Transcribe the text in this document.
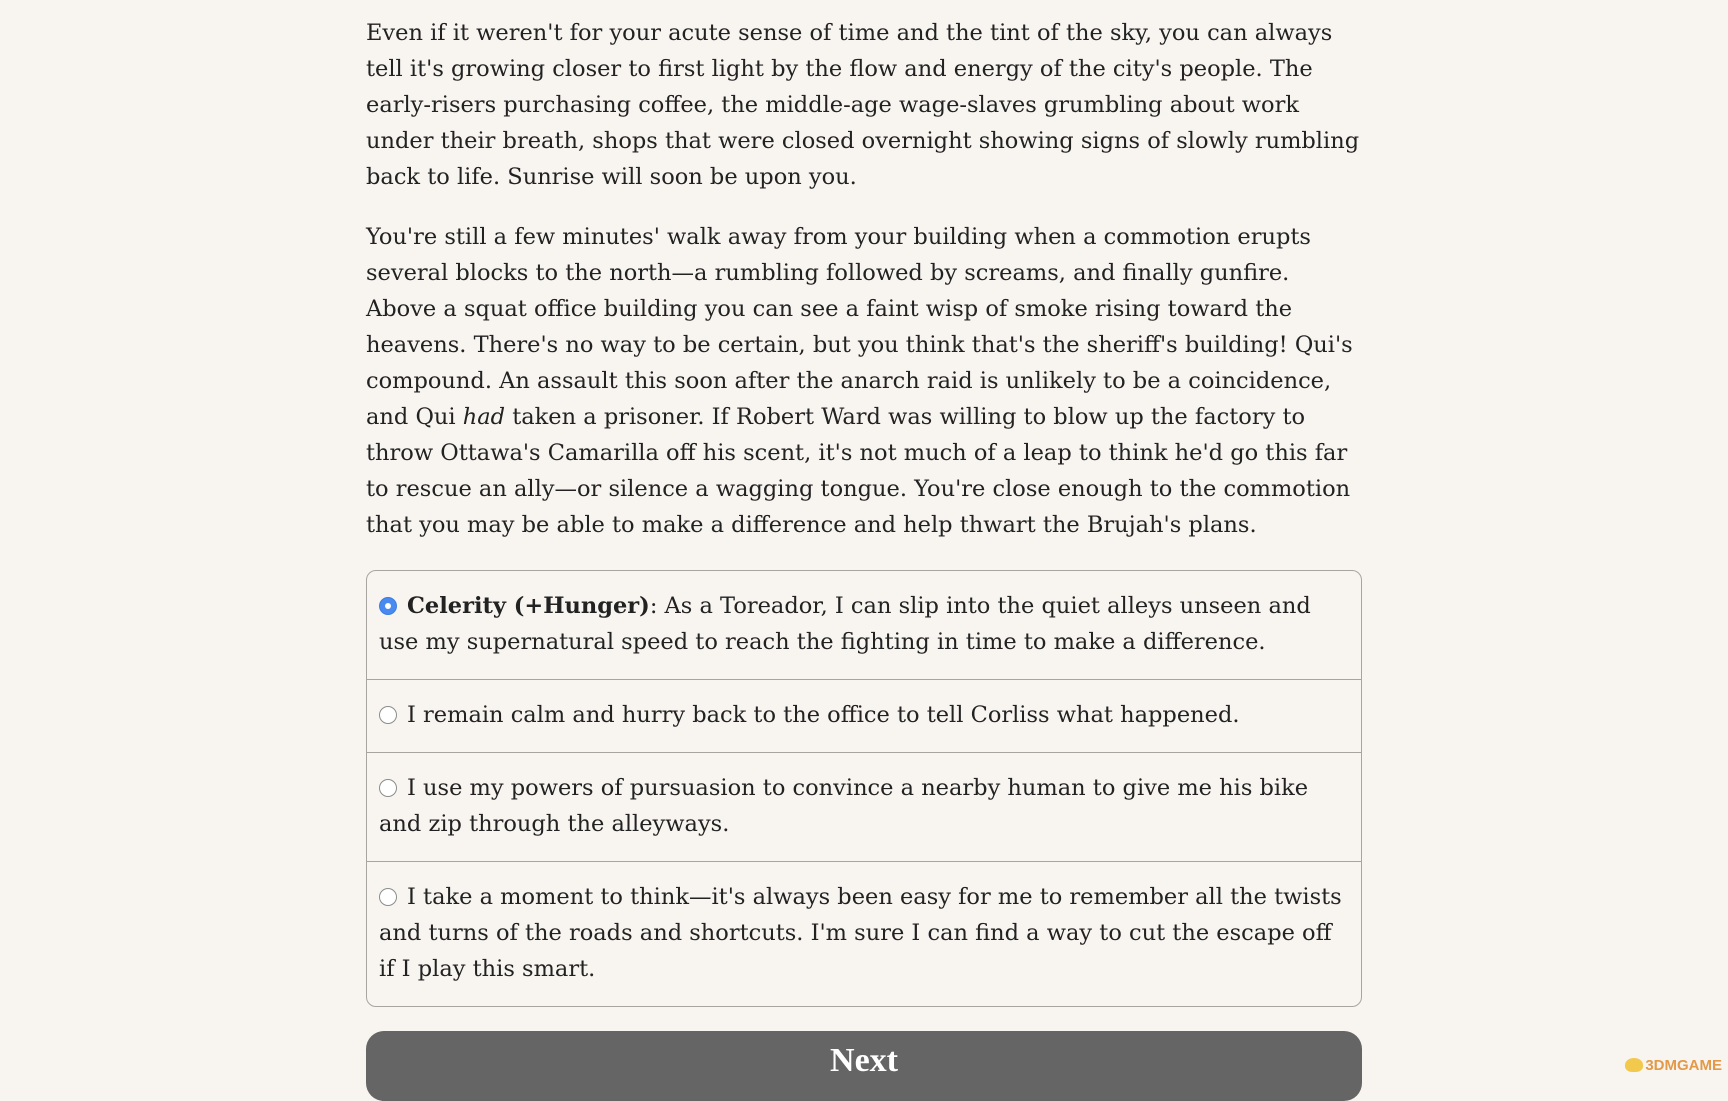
Even if it weren't for your acute sense of time and the tint of the sky, you can always tell it's growing closer to first light by the flow and energy of the city's people. The early-risers purchasing coffee, the middle-age wage-slaves grumbling about work under their breath, shops that were closed overnight showing signs of slowly rumbling back to life. Sunrise will soon be upon you.

You're still a few minutes' walk away from your building when a commotion erupts several blocks to the north—a rumbling followed by screams, and finally gunfire. Above a squat office building you can see a faint wisp of smoke rising toward the heavens. There's no way to be certain, but you think that's the sheriff's building! Qui's compound. An assault this soon after the anarch raid is unlikely to be a coincidence, and Qui had taken a prisoner. If Robert Ward was willing to blow up the factory to throw Ottawa's Camarilla off his scent, it's not much of a leap to think he'd go this far to rescue an ally—or silence a wagging tongue. You're close enough to the commotion that you may be able to make a difference and help thwart the Brujah's plans.

Celerity (+Hunger): As a Toreador, I can slip into the quiet alleys unseen and use my supernatural speed to reach the fighting in time to make a difference.
I remain calm and hurry back to the office to tell Corliss what happened.
I use my powers of pursuasion to convince a nearby human to give me his bike and zip through the alleyways.
I take a moment to think—it's always been easy for me to remember all the twists and turns of the roads and shortcuts. I'm sure I can find a way to cut the escape off if I play this smart.
Next	3DMGAME
